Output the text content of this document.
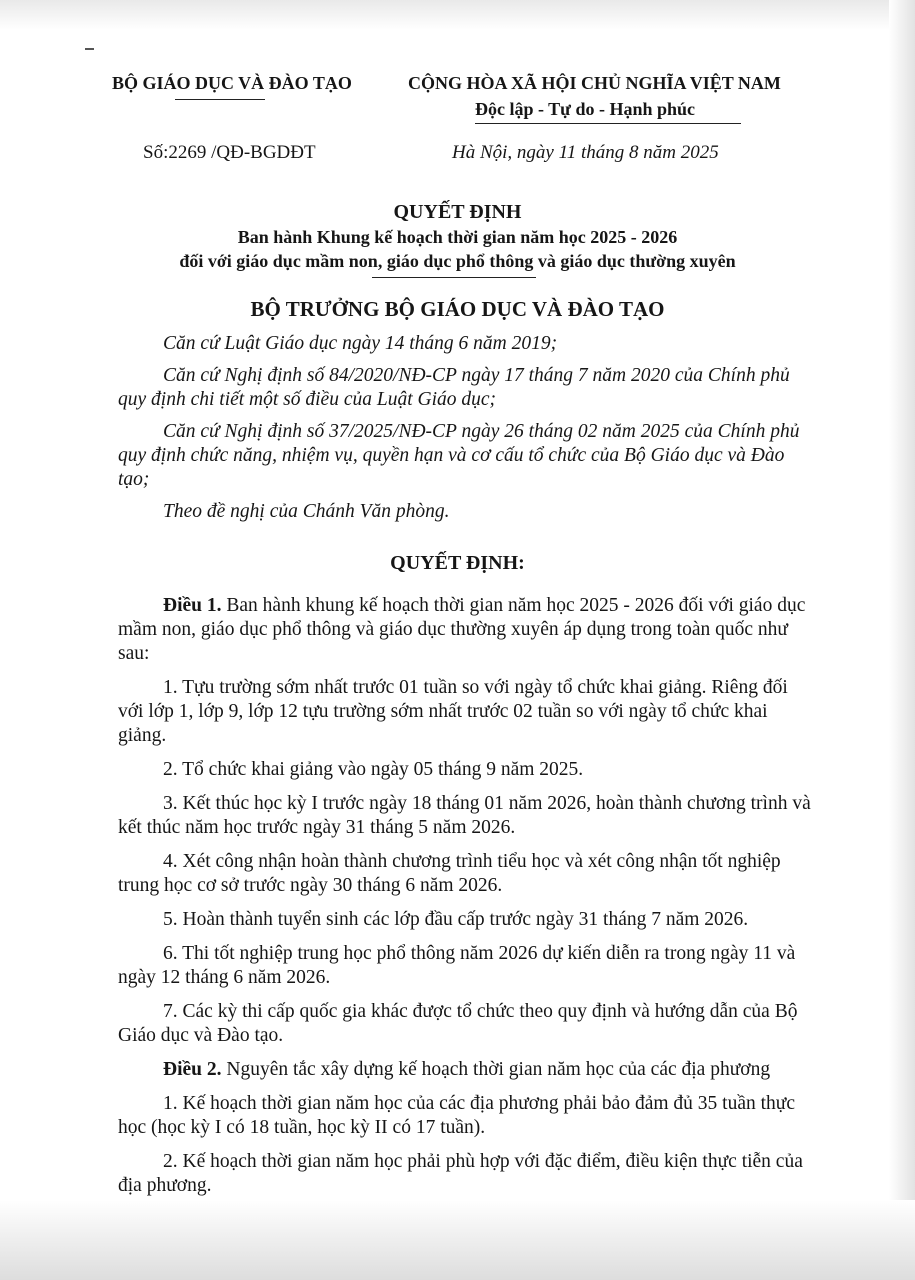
BỘ GIÁO DỤC VÀ ĐÀO TẠO	CỘNG HÒA XÃ HỘI CHỦ NGHĨA VIỆT NAM
Độc lập - Tự do - Hạnh phúc
Số:2269 /QĐ-BGDĐT	Hà Nội, ngày 11 tháng 8 năm 2025
QUYẾT ĐỊNH
Ban hành Khung kế hoạch thời gian năm học 2025 - 2026
đối với giáo dục mầm non, giáo dục phổ thông và giáo dục thường xuyên
BỘ TRƯỞNG BỘ GIÁO DỤC VÀ ĐÀO TẠO

Căn cứ Luật Giáo dục ngày 14 tháng 6 năm 2019;

Căn cứ Nghị định số 84/2020/NĐ-CP ngày 17 tháng 7 năm 2020 của Chính phủ quy định chi tiết một số điều của Luật Giáo dục;

Căn cứ Nghị định số 37/2025/NĐ-CP ngày 26 tháng 02 năm 2025 của Chính phủ quy định chức năng, nhiệm vụ, quyền hạn và cơ cấu tổ chức của Bộ Giáo dục và Đào tạo;

Theo đề nghị của Chánh Văn phòng.

QUYẾT ĐỊNH:

Điều 1. Ban hành khung kế hoạch thời gian năm học 2025 - 2026 đối với giáo dục mầm non, giáo dục phổ thông và giáo dục thường xuyên áp dụng trong toàn quốc như sau:

1. Tựu trường sớm nhất trước 01 tuần so với ngày tổ chức khai giảng. Riêng đối với lớp 1, lớp 9, lớp 12 tựu trường sớm nhất trước 02 tuần so với ngày tổ chức khai giảng.

2. Tổ chức khai giảng vào ngày 05 tháng 9 năm 2025.

3. Kết thúc học kỳ I trước ngày 18 tháng 01 năm 2026, hoàn thành chương trình và kết thúc năm học trước ngày 31 tháng 5 năm 2026.

4. Xét công nhận hoàn thành chương trình tiểu học và xét công nhận tốt nghiệp trung học cơ sở trước ngày 30 tháng 6 năm 2026.

5. Hoàn thành tuyển sinh các lớp đầu cấp trước ngày 31 tháng 7 năm 2026.

6. Thi tốt nghiệp trung học phổ thông năm 2026 dự kiến diễn ra trong ngày 11 và ngày 12 tháng 6 năm 2026.

7. Các kỳ thi cấp quốc gia khác được tổ chức theo quy định và hướng dẫn của Bộ Giáo dục và Đào tạo.

Điều 2. Nguyên tắc xây dựng kế hoạch thời gian năm học của các địa phương

1. Kế hoạch thời gian năm học của các địa phương phải bảo đảm đủ 35 tuần thực học (học kỳ I có 18 tuần, học kỳ II có 17 tuần).

2. Kế hoạch thời gian năm học phải phù hợp với đặc điểm, điều kiện thực tiễn của địa phương.
